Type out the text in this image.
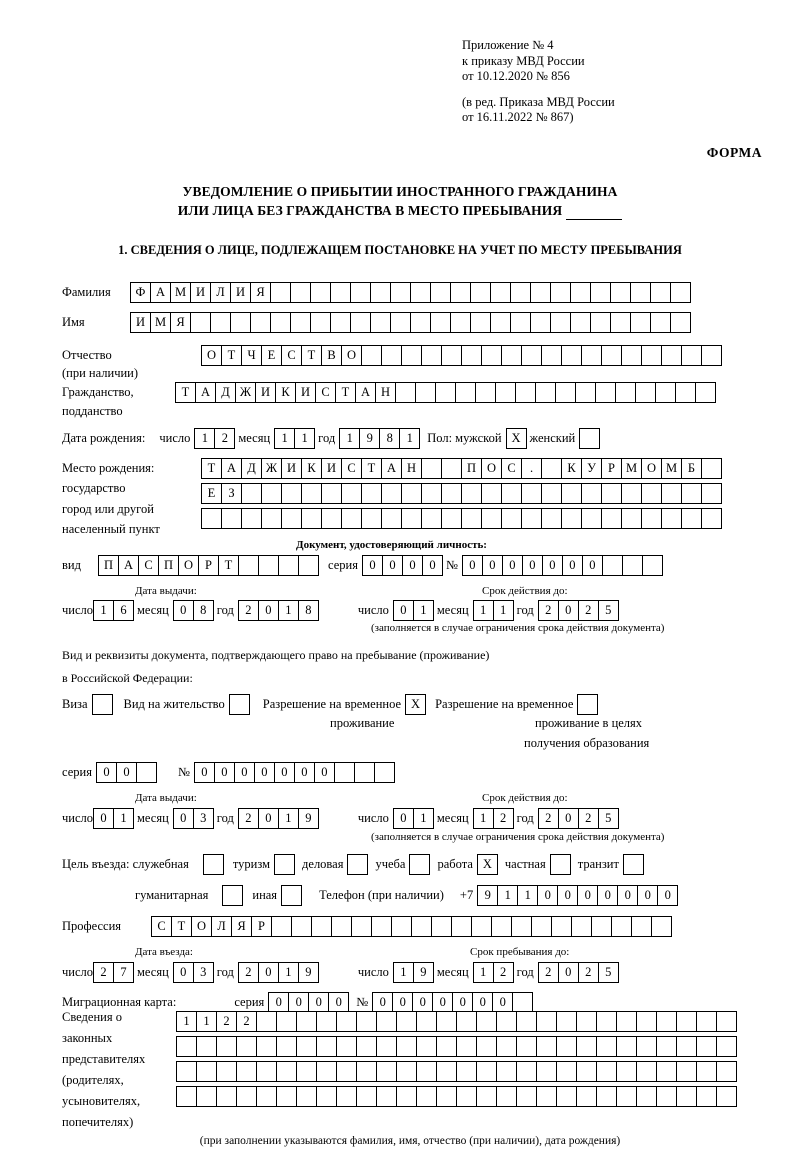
Приложение № 4
к приказу МВД России
от 10.12.2020 № 856
(в ред. Приказа МВД России
от 16.11.2022 № 867)
ФОРМА
УВЕДОМЛЕНИЕ О ПРИБЫТИИ ИНОСТРАННОГО ГРАЖДАНИНА
ИЛИ ЛИЦА БЕЗ ГРАЖДАНСТВА В МЕСТО ПРЕБЫВАНИЯ
1. СВЕДЕНИЯ О ЛИЦЕ, ПОДЛЕЖАЩЕМ ПОСТАНОВКЕ НА УЧЕТ ПО МЕСТУ ПРЕБЫВАНИЯ
Фамилия	Ф А М И Л И Я
Имя	И М Я
Отчество	О Т Ч Е С Т В О
(при наличии)
Гражданство,	Т А Д Ж И К И С Т А Н
подданство
Дата рождения: число 1	2 месяц 1	1 год 1	9	8	1	Пол: мужской X женский
Место рождения:	Т А Д Ж И К И С Т А Н	П О С	.	К У Р М О М Б
государство	Е	З
город или другой
населенный пункт
Документ, удостоверяющий личность:
вид	П А С П О Р	Т	серия 0	0	0	0 № 0	0	0	0	0	0	0
Дата выдачи:	Срок действия до:
число 1	6 месяц 0	8 год 2	0	1	8	число 0	1 месяц 1	1 год 2	0	2	5
(заполняется в случае ограничения срока действия документа)
Вид и реквизиты документа, подтверждающего право на пребывание (проживание)
в Российской Федерации:
Виза	Вид на жительство	Разрешение на временное X	Разрешение на временное
проживание	проживание в целях
получения образования
серия 0	0	№ 0	0	0	0	0	0	0
Дата выдачи:	Срок действия до:
число 0	1 месяц 0	3 год 2	0	1	9	число 0	1 месяц 1	2 год 2	0	2	5
(заполняется в случае ограничения срока действия документа)
Цель въезда: служебная	туризм	деловая	учеба	работа X	частная	транзит
гуманитарная	иная	Телефон (при наличии) +7 9	1	1	0	0	0	0	0	0	0
Профессия	С Т О Л Я Р
Дата въезда:	Срок пребывания до:
число 2	7 месяц 0	3 год 2	0	1	9	число 1	9 месяц 1	2 год 2	0	2	5
Миграционная карта:	серия 0	0	0	0	№ 0	0	0	0	0	0	0
Сведения о
законных
представителях
(родителях,
усыновителях,
попечителях)
1	1	2	2
(при заполнении указываются фамилия, имя, отчество (при наличии), дата рождения)
